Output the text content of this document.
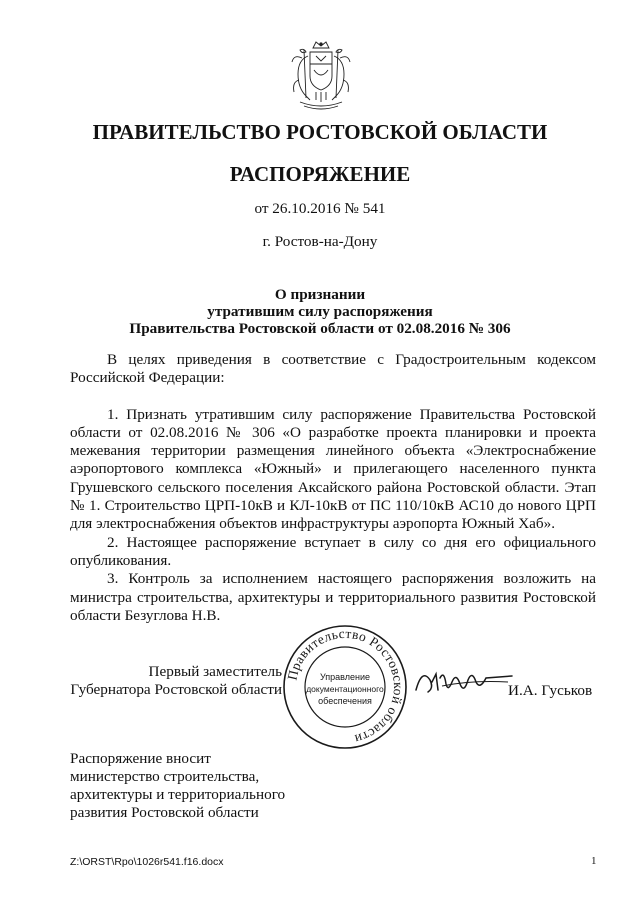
ПРАВИТЕЛЬСТВО РОСТОВСКОЙ ОБЛАСТИ
РАСПОРЯЖЕНИЕ
от 26.10.2016 № 541
г. Ростов-на-Дону
О признании
утратившим силу распоряжения
Правительства Ростовской области от 02.08.2016 № 306

В целях приведения в соответствие с Градостроительным кодексом Российской Федерации:

1. Признать утратившим силу распоряжение Правительства Ростовской области от 02.08.2016 № 306 «О разработке проекта планировки и проекта межевания территории размещения линейного объекта «Электроснабжение аэропортового комплекса «Южный» и прилегающего населенного пункта Грушевского сельского поселения Аксайского района Ростовской области. Этап № 1. Строительство ЦРП-10кВ и КЛ-10кВ от ПС 110/10кВ АС10 до нового ЦРП для электроснабжения объектов инфраструктуры аэропорта Южный Хаб».

2. Настоящее распоряжение вступает в силу со дня его официального опубликования.

3. Контроль за исполнением настоящего распоряжения возложить на министра строительства, архитектуры и территориального развития Ростовской области Безуглова Н.В.

Первый заместитель
Губернатора Ростовской области
Правительство Ростовской области
Управление
документационного
обеспечения
И.А. Гуськов
Распоряжение вносит
министерство строительства,
архитектуры и территориального
развития Ростовской области
Z:\ORST\Rpo\1026r541.f16.docx	1
